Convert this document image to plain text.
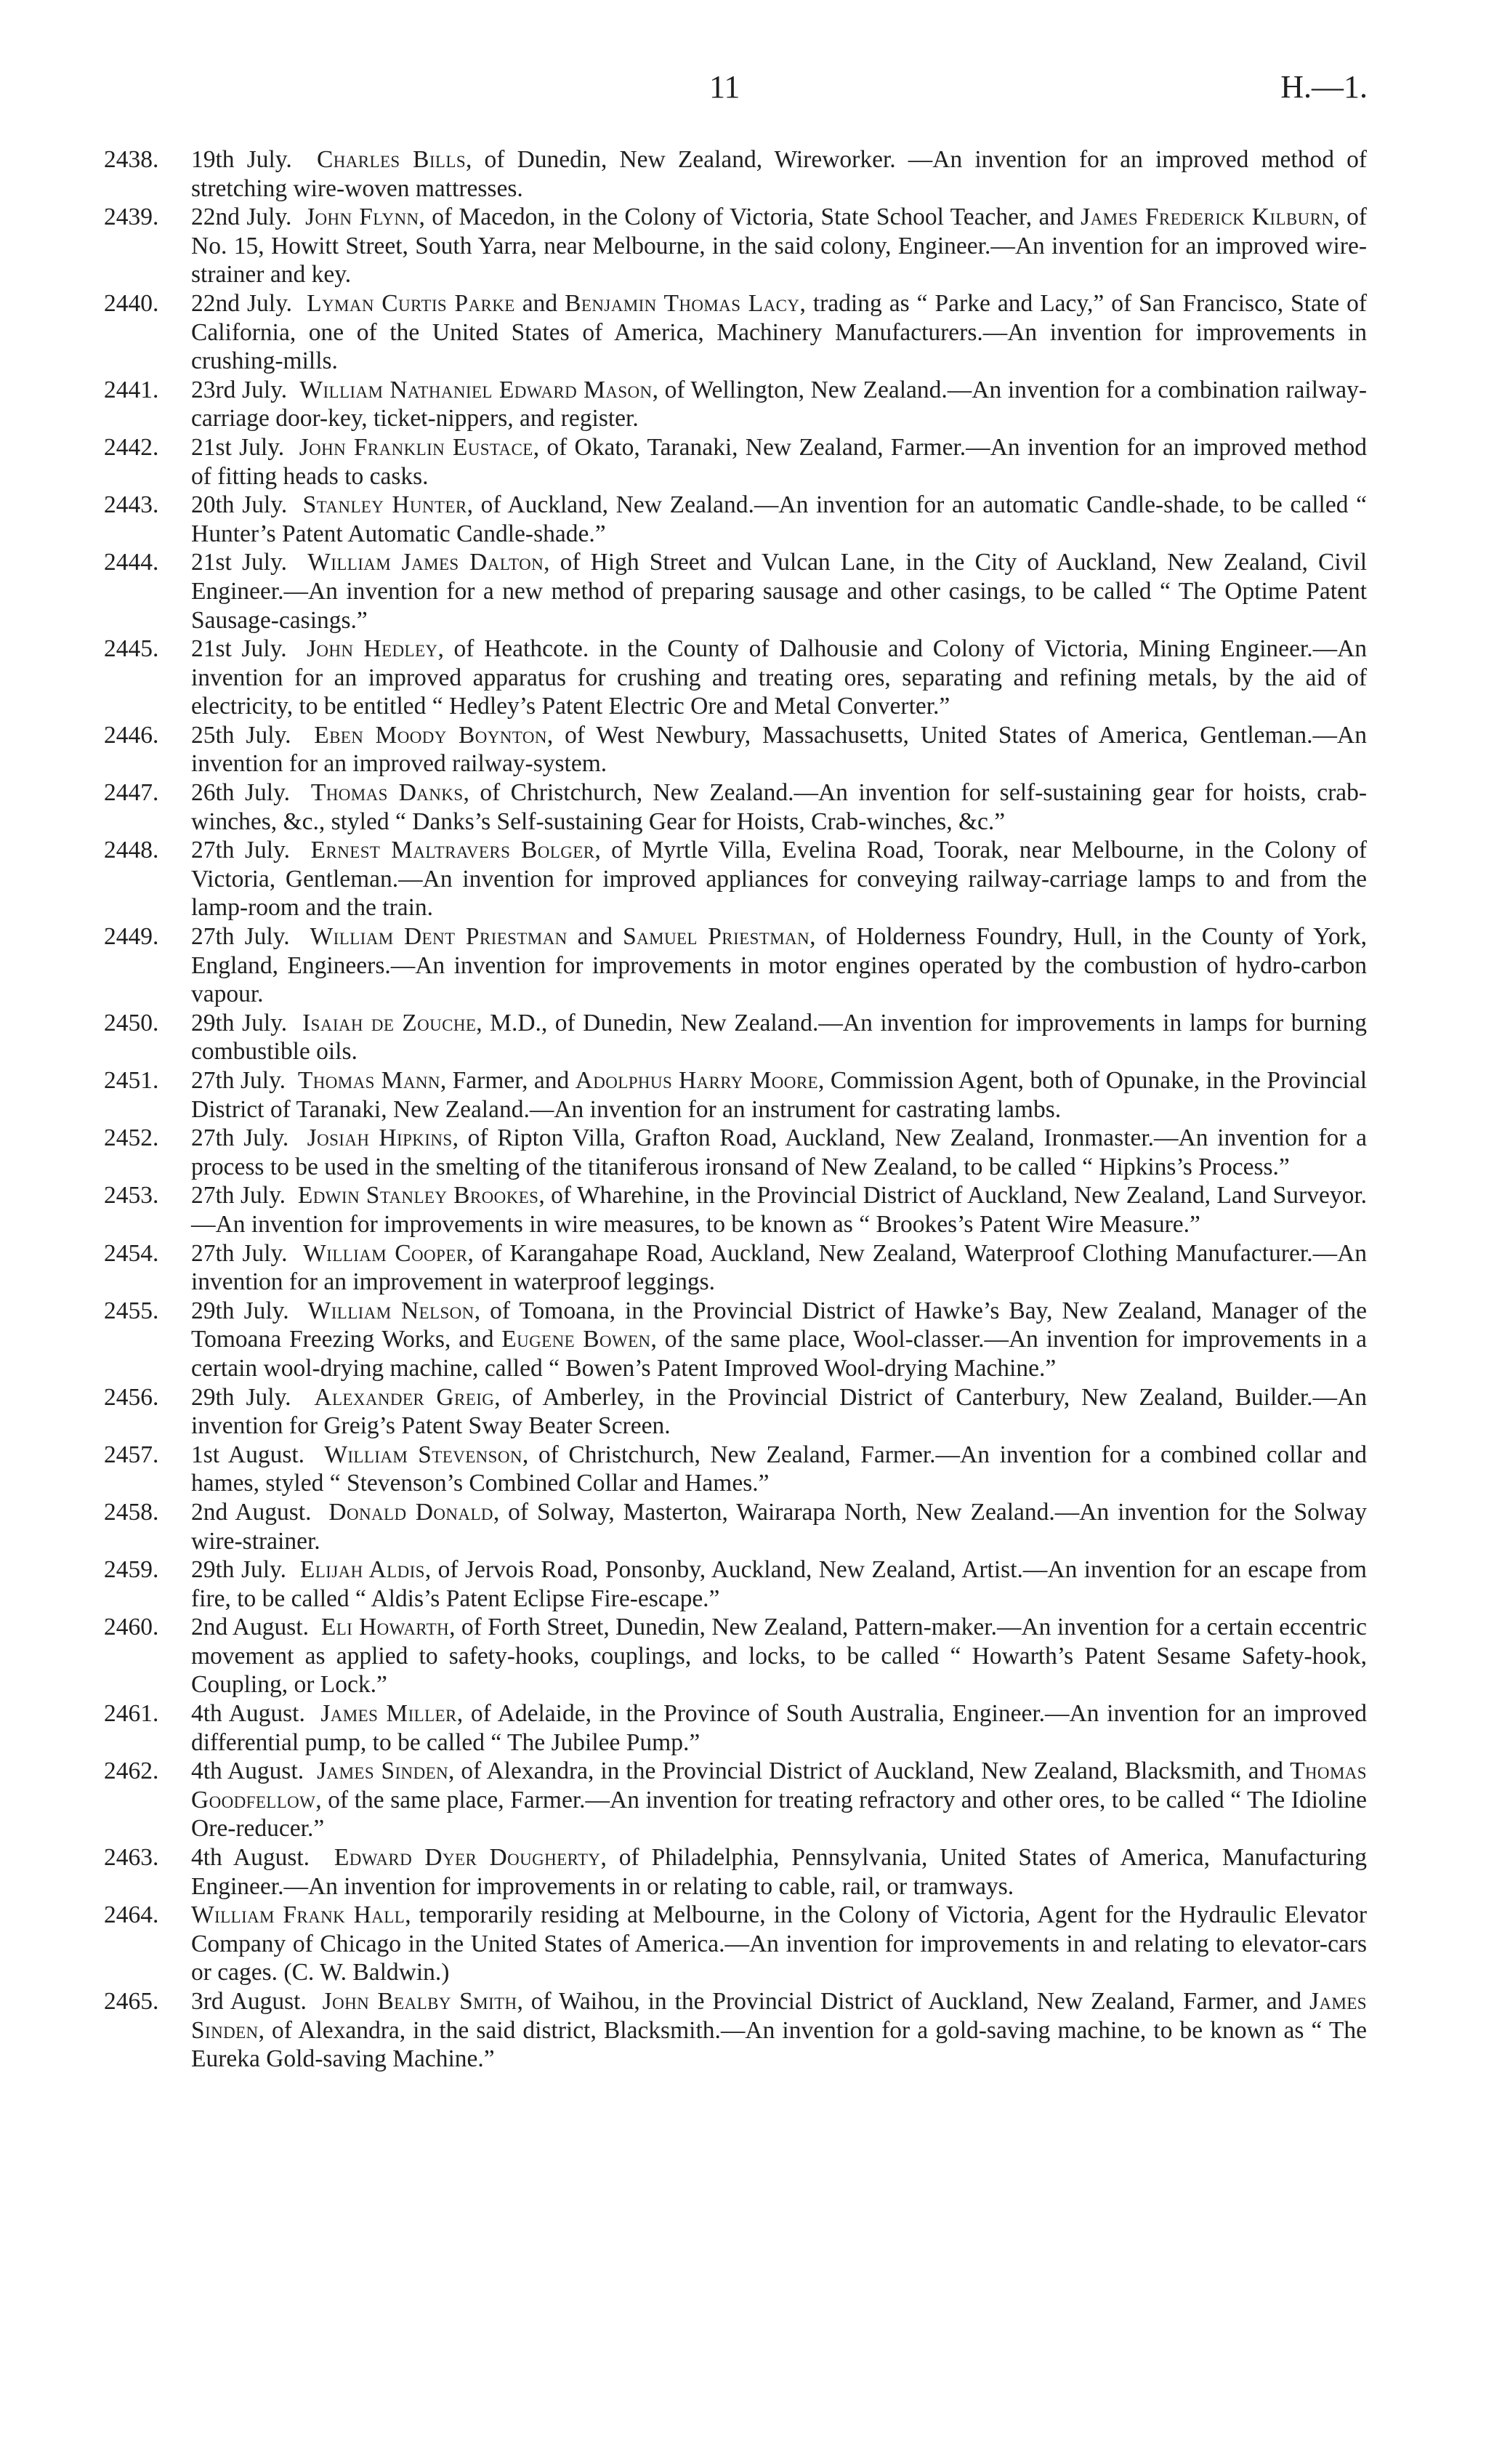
11	H.—1.
2438. 19th July. Charles Bills, of Dunedin, New Zealand, Wireworker. —An invention for an improved method of stretching wire-woven mattresses.
2439. 22nd July. John Flynn, of Macedon, in the Colony of Victoria, State School Teacher, and James Frederick Kilburn, of No. 15, Howitt Street, South Yarra, near Melbourne, in the said colony, Engineer.—An invention for an improved wire-strainer and key.
2440. 22nd July. Lyman Curtis Parke and Benjamin Thomas Lacy, trading as “ Parke and Lacy,” of San Francisco, State of California, one of the United States of America, Machinery Manufacturers.—An invention for improvements in crushing-mills.
2441. 23rd July. William Nathaniel Edward Mason, of Wellington, New Zealand.—An invention for a combination railway-carriage door-key, ticket-nippers, and register.
2442. 21st July. John Franklin Eustace, of Okato, Taranaki, New Zealand, Farmer.—An invention for an improved method of fitting heads to casks.
2443. 20th July. Stanley Hunter, of Auckland, New Zealand.—An invention for an automatic Candle-shade, to be called “ Hunter’s Patent Automatic Candle-shade.”
2444. 21st July. William James Dalton, of High Street and Vulcan Lane, in the City of Auckland, New Zealand, Civil Engineer.—An invention for a new method of preparing sausage and other casings, to be called “ The Optime Patent Sausage-casings.”
2445. 21st July. John Hedley, of Heathcote. in the County of Dalhousie and Colony of Victoria, Mining Engineer.—An invention for an improved apparatus for crushing and treating ores, separating and refining metals, by the aid of electricity, to be entitled “ Hedley’s Patent Electric Ore and Metal Converter.”
2446. 25th July. Eben Moody Boynton, of West Newbury, Massachusetts, United States of America, Gentleman.—An invention for an improved railway-system.
2447. 26th July. Thomas Danks, of Christchurch, New Zealand.—An invention for self-sustaining gear for hoists, crab-winches, &c., styled “ Danks’s Self-sustaining Gear for Hoists, Crab-winches, &c.”
2448. 27th July. Ernest Maltravers Bolger, of Myrtle Villa, Evelina Road, Toorak, near Melbourne, in the Colony of Victoria, Gentleman.—An invention for improved appliances for conveying railway-carriage lamps to and from the lamp-room and the train.
2449. 27th July. William Dent Priestman and Samuel Priestman, of Holderness Foundry, Hull, in the County of York, England, Engineers.—An invention for improvements in motor engines operated by the combustion of hydro-carbon vapour.
2450. 29th July. Isaiah de Zouche, M.D., of Dunedin, New Zealand.—An invention for improvements in lamps for burning combustible oils.
2451. 27th July. Thomas Mann, Farmer, and Adolphus Harry Moore, Commission Agent, both of Opunake, in the Provincial District of Taranaki, New Zealand.—An invention for an instrument for castrating lambs.
2452. 27th July. Josiah Hipkins, of Ripton Villa, Grafton Road, Auckland, New Zealand, Ironmaster.—An invention for a process to be used in the smelting of the titaniferous ironsand of New Zealand, to be called “ Hipkins’s Process.”
2453. 27th July. Edwin Stanley Brookes, of Wharehine, in the Provincial District of Auckland, New Zealand, Land Surveyor.—An invention for improvements in wire measures, to be known as “ Brookes’s Patent Wire Measure.”
2454. 27th July. William Cooper, of Karangahape Road, Auckland, New Zealand, Waterproof Clothing Manufacturer.—An invention for an improvement in waterproof leggings.
2455. 29th July. William Nelson, of Tomoana, in the Provincial District of Hawke’s Bay, New Zealand, Manager of the Tomoana Freezing Works, and Eugene Bowen, of the same place, Wool-classer.—An invention for improvements in a certain wool-drying machine, called “ Bowen’s Patent Improved Wool-drying Machine.”
2456. 29th July. Alexander Greig, of Amberley, in the Provincial District of Canterbury, New Zealand, Builder.—An invention for Greig’s Patent Sway Beater Screen.
2457. 1st August. William Stevenson, of Christchurch, New Zealand, Farmer.—An invention for a combined collar and hames, styled “ Stevenson’s Combined Collar and Hames.”
2458. 2nd August. Donald Donald, of Solway, Masterton, Wairarapa North, New Zealand.—An invention for the Solway wire-strainer.
2459. 29th July. Elijah Aldis, of Jervois Road, Ponsonby, Auckland, New Zealand, Artist.—An invention for an escape from fire, to be called “ Aldis’s Patent Eclipse Fire-escape.”
2460. 2nd August. Eli Howarth, of Forth Street, Dunedin, New Zealand, Pattern-maker.—An invention for a certain eccentric movement as applied to safety-hooks, couplings, and locks, to be called “ Howarth’s Patent Sesame Safety-hook, Coupling, or Lock.”
2461. 4th August. James Miller, of Adelaide, in the Province of South Australia, Engineer.—An invention for an improved differential pump, to be called “ The Jubilee Pump.”
2462. 4th August. James Sinden, of Alexandra, in the Provincial District of Auckland, New Zealand, Blacksmith, and Thomas Goodfellow, of the same place, Farmer.—An invention for treating refractory and other ores, to be called “ The Idioline Ore-reducer.”
2463. 4th August. Edward Dyer Dougherty, of Philadelphia, Pennsylvania, United States of America, Manufacturing Engineer.—An invention for improvements in or relating to cable, rail, or tramways.
2464. William Frank Hall, temporarily residing at Melbourne, in the Colony of Victoria, Agent for the Hydraulic Elevator Company of Chicago in the United States of America.—An invention for improvements in and relating to elevator-cars or cages. (C. W. Baldwin.)
2465. 3rd August. John Bealby Smith, of Waihou, in the Provincial District of Auckland, New Zealand, Farmer, and James Sinden, of Alexandra, in the said district, Blacksmith.—An invention for a gold-saving machine, to be known as “ The Eureka Gold-saving Machine.”
